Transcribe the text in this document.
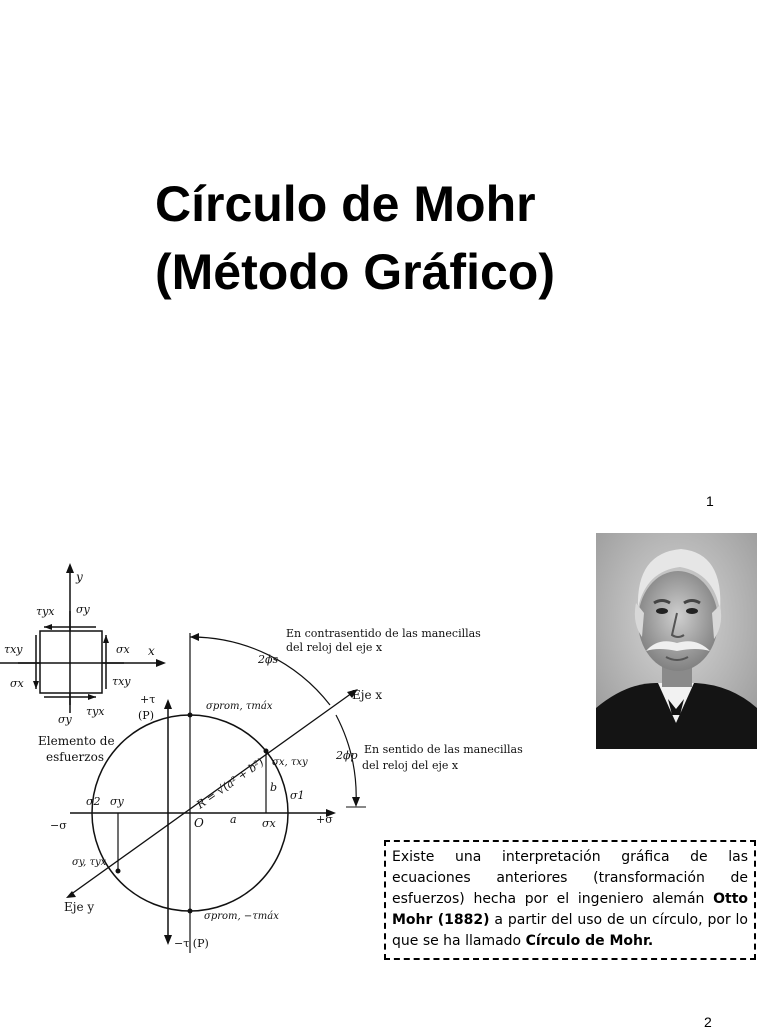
Círculo de Mohr
(Método Gráfico)
1
y
x
τyx σy
τxy
σx
σx
τxy
σy
τyx
Elemento de
esfuerzos
+τ
(P)
−τ (P)
−σ	+σ
Eje x
Eje y
O a
b
σprom, τmáx
σprom, −τmáx
σ2 σy
σx
σ1
σx, τxy
σy, τyx
R = √(a² + b²)
2ϕs
2ϕp
En contrasentido de las manecillas
del reloj del eje x
En sentido de las manecillas
del reloj del eje x
Existe una interpretación gráfica de las ecuaciones anteriores (transformación de esfuerzos) hecha por el ingeniero alemán Otto Mohr (1882) a partir del uso de un círculo, por lo que se ha llamado Círculo de Mohr.
2
